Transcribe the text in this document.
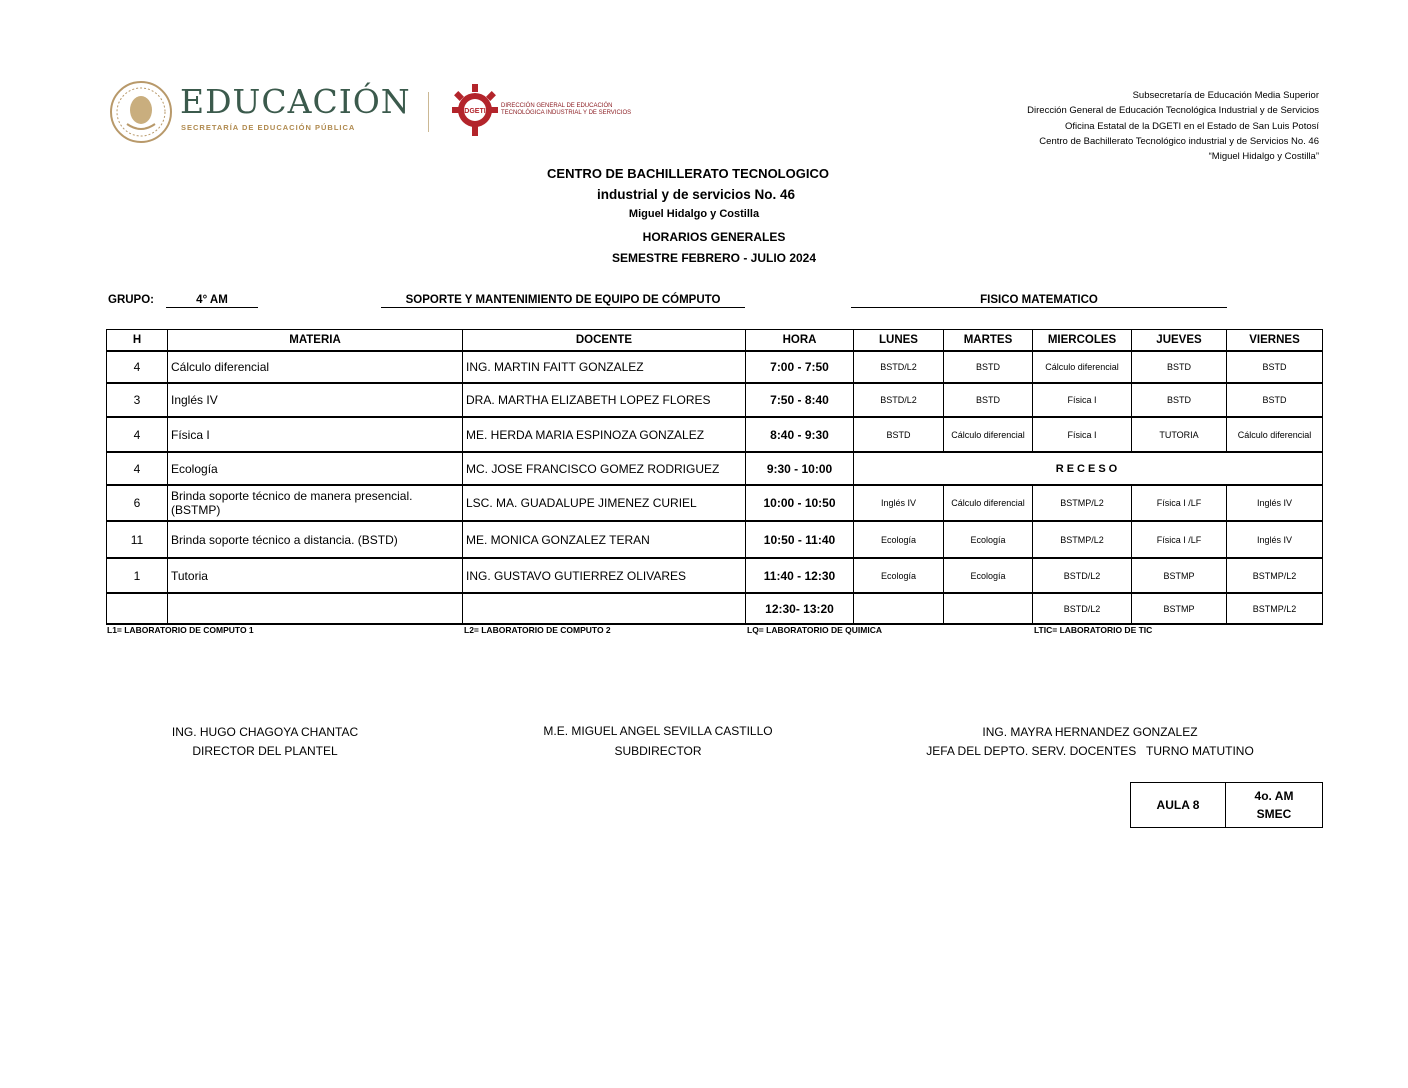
EDUCACIÓN
SECRETARÍA DE EDUCACIÓN PÚBLICA
DGETI
DIRECCIÓN GENERAL DE EDUCACIÓN
TECNOLÓGICA INDUSTRIAL Y DE SERVICIOS
Subsecretaría de Educación Media Superior
Dirección General de Educación Tecnológica Industrial y de Servicios
Oficina Estatal de la DGETI en el Estado de San Luis Potosí
Centro de Bachillerato Tecnológico industrial y de Servicios No. 46
“Miguel Hidalgo y Costilla”
CENTRO DE BACHILLERATO TECNOLOGICO
industrial y de servicios No. 46
Miguel Hidalgo y Costilla
HORARIOS GENERALES
SEMESTRE FEBRERO - JULIO 2024
GRUPO:	4° AM	SOPORTE Y MANTENIMIENTO DE EQUIPO DE CÓMPUTO	FISICO MATEMATICO
H	MATERIA	DOCENTE	HORA	LUNES	MARTES	MIERCOLES	JUEVES	VIERNES
4	Cálculo diferencial	ING. MARTIN FAITT GONZALEZ	7:00 - 7:50	BSTD/L2	BSTD	Cálculo diferencial	BSTD	BSTD
3	Inglés IV	DRA. MARTHA ELIZABETH LOPEZ FLORES	7:50 - 8:40	BSTD/L2	BSTD	Física I	BSTD	BSTD
4	Física I	ME. HERDA MARIA ESPINOZA GONZALEZ	8:40 - 9:30	BSTD	Cálculo diferencial	Física I	TUTORIA	Cálculo diferencial
4	Ecología	MC. JOSE FRANCISCO GOMEZ RODRIGUEZ	9:30 - 10:00	RECESO				
6	Brinda soporte técnico de manera presencial. (BSTMP)	LSC. MA. GUADALUPE JIMENEZ CURIEL	10:00 - 10:50	Inglés IV	Cálculo diferencial	BSTMP/L2	Física I /LF	Inglés IV
11	Brinda soporte técnico a distancia. (BSTD)	ME. MONICA GONZALEZ TERAN	10:50 - 11:40	Ecología	Ecología	BSTMP/L2	Física I /LF	Inglés IV
1	Tutoria	ING. GUSTAVO GUTIERREZ OLIVARES	11:40 - 12:30	Ecología	Ecología	BSTD/L2	BSTMP	BSTMP/L2
			12:30- 13:20			BSTD/L2	BSTMP	BSTMP/L2
L1= LABORATORIO DE COMPUTO 1	L2= LABORATORIO DE COMPUTO 2	LQ= LABORATORIO DE QUIMICA	LTIC= LABORATORIO DE TIC
ING. HUGO CHAGOYA CHANTAC
DIRECTOR DEL PLANTEL
M.E. MIGUEL ANGEL SEVILLA CASTILLO
SUBDIRECTOR
ING. MAYRA HERNANDEZ GONZALEZ
JEFA DEL DEPTO. SERV. DOCENTES   TURNO MATUTINO
AULA 8	
4o. AM
SMEC
